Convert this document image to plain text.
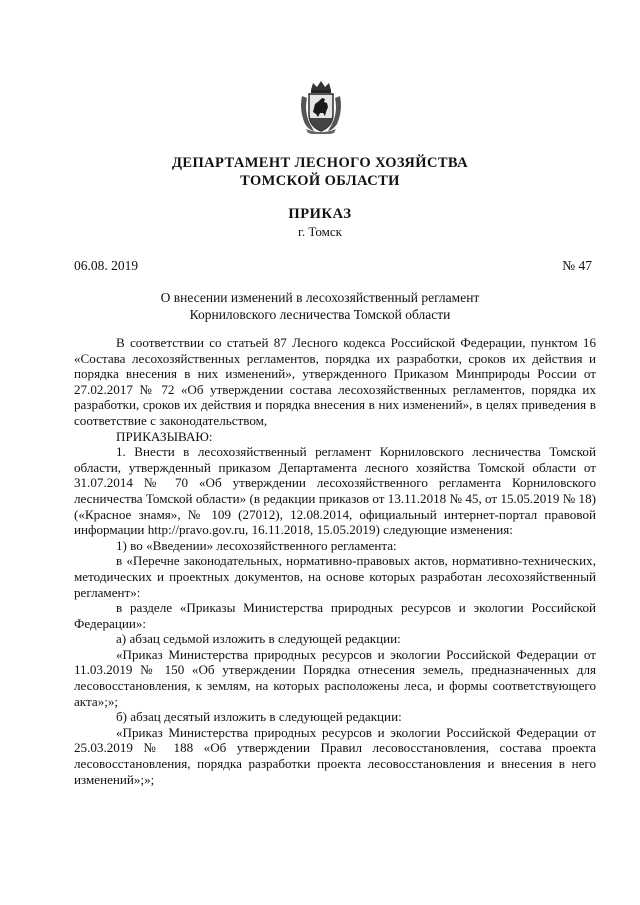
ДЕПАРТАМЕНТ ЛЕСНОГО ХОЗЯЙСТВА
ТОМСКОЙ ОБЛАСТИ
ПРИКАЗ
г. Томск
06.08. 2019	№ 47
О внесении изменений в лесохозяйственный регламент
Корниловского лесничества Томской области

В соответствии со статьей 87 Лесного кодекса Российской Федерации, пунктом 16 «Состава лесохозяйственных регламентов, порядка их разработки, сроков их действия и порядка внесения в них изменений», утвержденного Приказом Минприроды России от 27.02.2017 № 72 «Об утверждении состава лесохозяйственных регламентов, порядка их разработки, сроков их действия и порядка внесения в них изменений», в целях приведения в соответствие с законодательством,

ПРИКАЗЫВАЮ:

1. Внести в лесохозяйственный регламент Корниловского лесничества Томской области, утвержденный приказом Департамента лесного хозяйства Томской области от 31.07.2014 № 70 «Об утверждении лесохозяйственного регламента Корниловского лесничества Томской области» (в редакции приказов от 13.11.2018 № 45, от 15.05.2019 № 18) («Красное знамя», № 109 (27012), 12.08.2014, официальный интернет-портал правовой информации http://pravo.gov.ru, 16.11.2018, 15.05.2019) следующие изменения:

1) во «Введении» лесохозяйственного регламента:

в «Перечне законодательных, нормативно-правовых актов, нормативно-технических, методических и проектных документов, на основе которых разработан лесохозяйственный регламент»:

в разделе «Приказы Министерства природных ресурсов и экологии Российской Федерации»:

а) абзац седьмой изложить в следующей редакции:

«Приказ Министерства природных ресурсов и экологии Российской Федерации от 11.03.2019 № 150 «Об утверждении Порядка отнесения земель, предназначенных для лесовосстановления, к землям, на которых расположены леса, и формы соответствующего акта»;»;

б) абзац десятый изложить в следующей редакции:

«Приказ Министерства природных ресурсов и экологии Российской Федерации от 25.03.2019 № 188 «Об утверждении Правил лесовосстановления, состава проекта лесовосстановления, порядка разработки проекта лесовосстановления и внесения в него изменений»;»;
